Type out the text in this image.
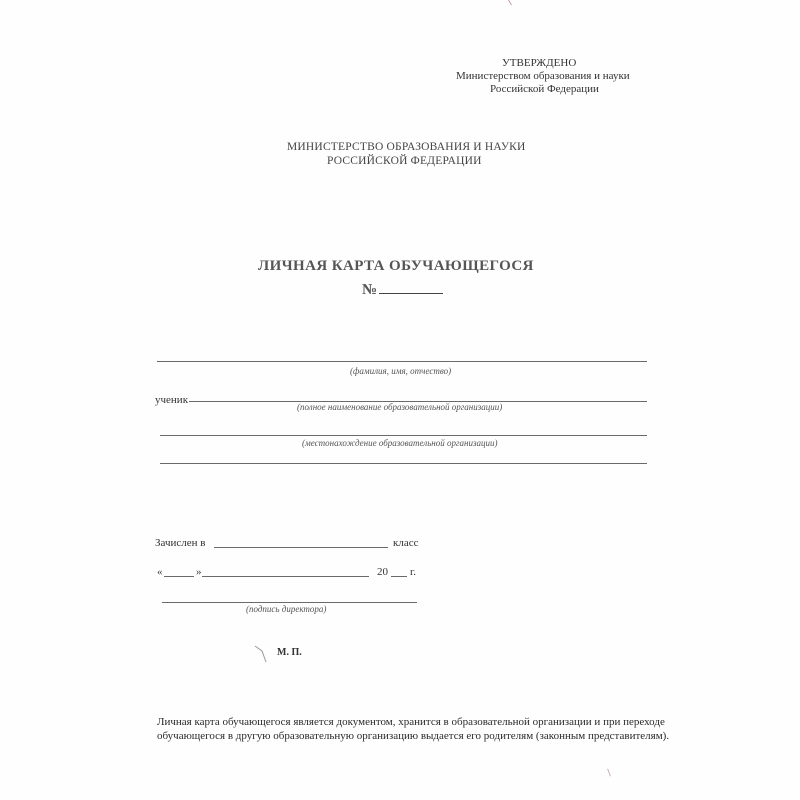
УТВЕРЖДЕНО
Министерством образования и науки
Российской Федерации
МИНИСТЕРСТВО ОБРАЗОВАНИЯ И НАУКИ
РОССИЙСКОЙ ФЕДЕРАЦИИ
ЛИЧНАЯ КАРТА ОБУЧАЮЩЕГОСЯ
№
(фамилия, имя, отчество)
ученик
(полное наименование образовательной организации)
(местонахождение образовательной организации)
Зачислен в	класс
«	»	20 г.
(подпись директора)
М. П.
Личная карта обучающегося является документом, хранится в образовательной организации и при переходе
обучающегося в другую образовательную организацию выдается его родителям (законным представителям).
